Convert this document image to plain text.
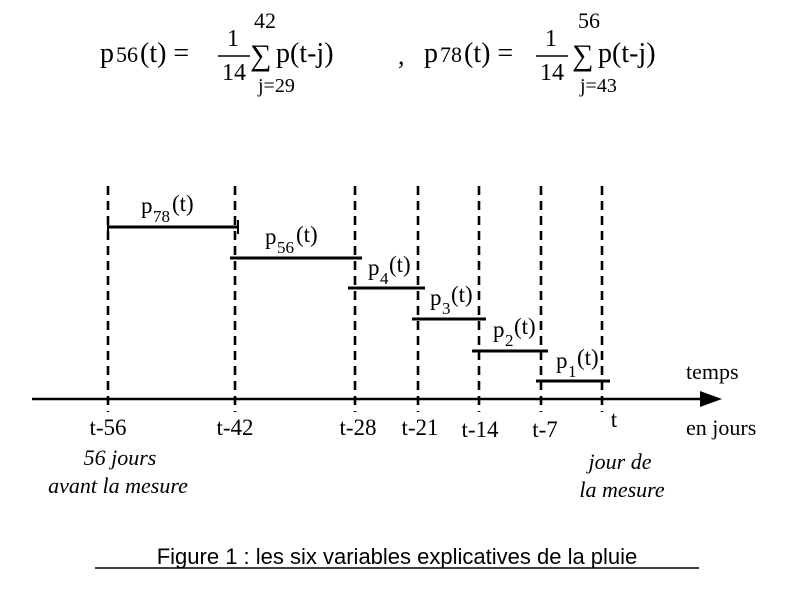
p 56 (t) = 1
14
42
∑ p(t-j)
j=29
, p 78 (t) = 1
14
56
∑ p(t-j)
j=43
p 78
(t)
p 56
(t)
p 4
(t)
p 3
(t)
p 2
(t)
p 1
(t)
temps
en jours
t-56	t-42	t-28 t-21 t-14 t-7 t
56 jours
avant la mesure
jour de
la mesure
Figure 1 : les six variables explicatives de la pluie
